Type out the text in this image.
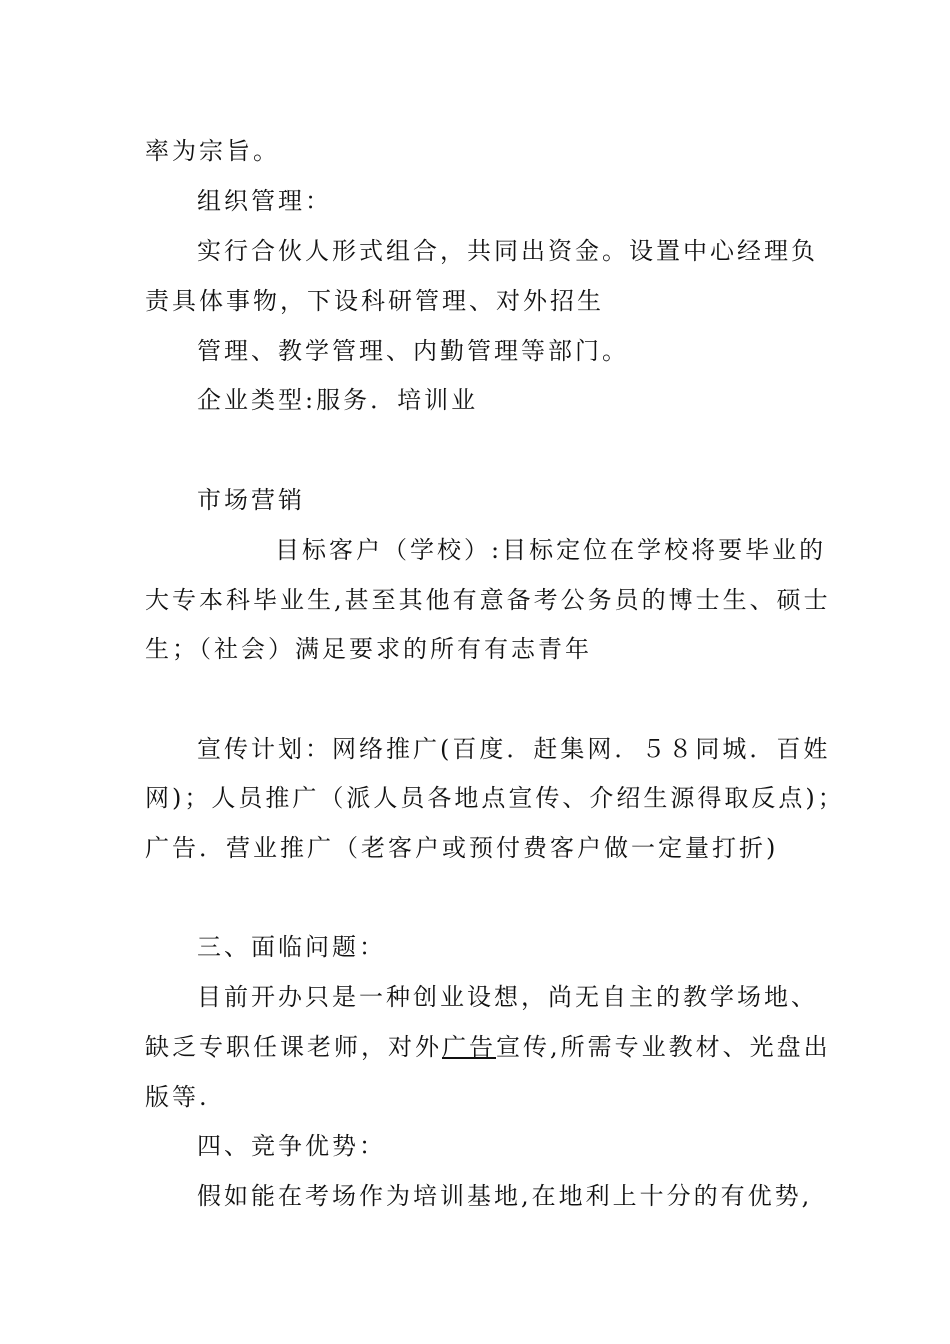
率为宗旨。
组织管理：
实行合伙人形式组合，共同出资金。设置中心经理负
责具体事物，下设科研管理、对外招生
管理、教学管理、内勤管理等部门。
企业类型:服务．培训业
市场营销
目标客户（学校）:目标定位在学校将要毕业的
大专本科毕业生,甚至其他有意备考公务员的博士生、硕士
生；（社会）满足要求的所有有志青年
宣传计划：网络推广(百度．赶集网．５８同城．百姓
网)；人员推广（派人员各地点宣传、介绍生源得取反点)；
广告．营业推广（老客户或预付费客户做一定量打折)
三、面临问题：
目前开办只是一种创业设想，尚无自主的教学场地、
缺乏专职任课老师，对外广告宣传,所需专业教材、光盘出
版等.
四、竞争优势：
假如能在考场作为培训基地,在地利上十分的有优势,
